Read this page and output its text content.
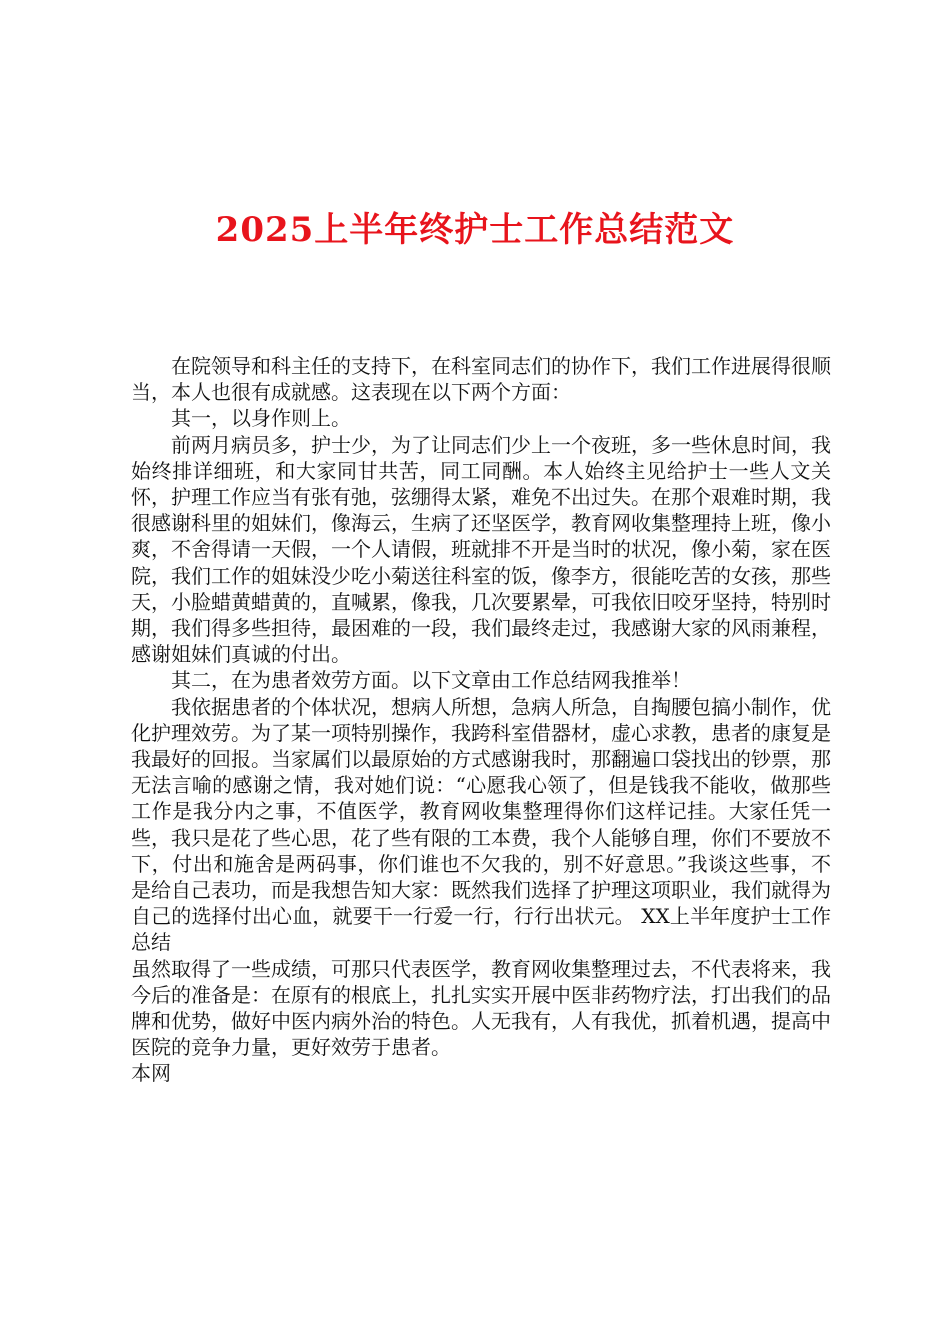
2025上半年终护士工作总结范文

在院领导和科主任的支持下，在科室同志们的协作下，我们工作进展得很顺当，本人也很有成就感。这表现在以下两个方面：

其一，以身作则上。

前两月病员多，护士少，为了让同志们少上一个夜班，多一些休息时间，我始终排详细班，和大家同甘共苦，同工同酬。本人始终主见给护士一些人文关怀，护理工作应当有张有弛，弦绷得太紧，难免不出过失。在那个艰难时期，我很感谢科里的姐妹们，像海云，生病了还坚医学，教育网收集整理持上班，像小爽，不舍得请一天假，一个人请假，班就排不开是当时的状况，像小菊，家在医院，我们工作的姐妹没少吃小菊送往科室的饭，像李方，很能吃苦的女孩，那些天，小脸蜡黄蜡黄的，直喊累，像我，几次要累晕，可我依旧咬牙坚持，特别时期，我们得多些担待，最困难的一段，我们最终走过，我感谢大家的风雨兼程，感谢姐妹们真诚的付出。

其二，在为患者效劳方面。以下文章由工作总结网我推举！

我依据患者的个体状况，想病人所想，急病人所急，自掏腰包搞小制作，优化护理效劳。为了某一项特别操作，我跨科室借器材，虚心求教，患者的康复是我最好的回报。当家属们以最原始的方式感谢我时，那翻遍口袋找出的钞票，那无法言喻的感谢之情，我对她们说：“心愿我心领了，但是钱我不能收，做那些工作是我分内之事，不值医学，教育网收集整理得你们这样记挂。大家任凭一些，我只是花了些心思，花了些有限的工本费，我个人能够自理，你们不要放不下，付出和施舍是两码事，你们谁也不欠我的，别不好意思。”我谈这些事，不是给自己表功，而是我想告知大家：既然我们选择了护理这项职业，我们就得为自己的选择付出心血，就要干一行爱一行，行行出状元。 XX上半年度护士工作总结

虽然取得了一些成绩，可那只代表医学，教育网收集整理过去，不代表将来，我今后的准备是：在原有的根底上，扎扎实实开展中医非药物疗法，打出我们的品牌和优势，做好中医内病外治的特色。人无我有，人有我优，抓着机遇，提高中医院的竞争力量，更好效劳于患者。

本网
